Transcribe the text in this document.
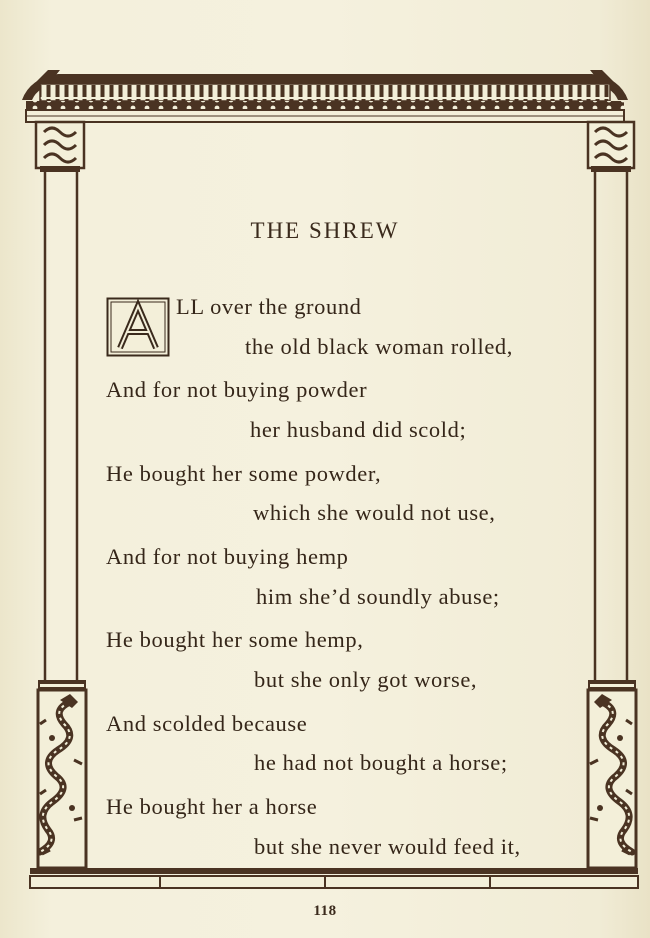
THE SHREW
LL over the ground
the old black woman rolled,
And for not buying powder
her husband did scold;
He bought her some powder,
which she would not use,
And for not buying hemp
him she’d soundly abuse;
He bought her some hemp,
but she only got worse,
And scolded because
he had not bought a horse;
He bought her a horse
but she never would feed it,
118
